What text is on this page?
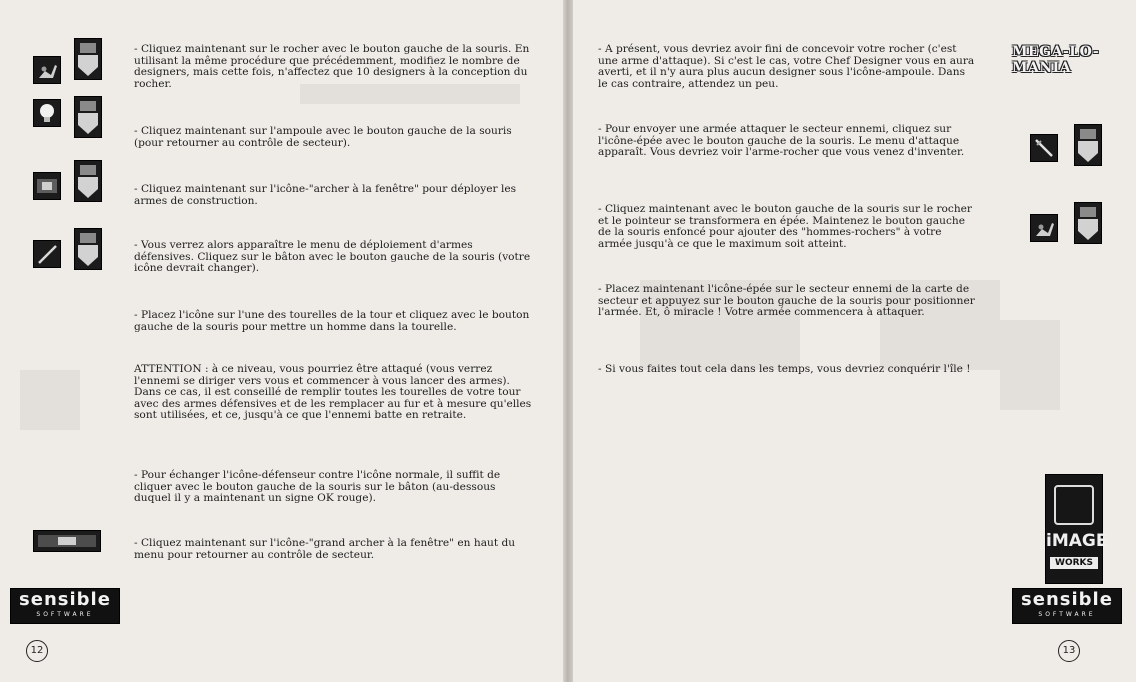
- Cliquez maintenant sur le rocher avec le bouton gauche de la souris. En utilisant la même procédure que précédemment, modifiez le nombre de designers, mais cette fois, n'affectez que 10 designers à la conception du rocher.

- Cliquez maintenant sur l'ampoule avec le bouton gauche de la souris (pour retourner au contrôle de secteur).

- Cliquez maintenant sur l'icône-"archer à la fenêtre" pour déployer les armes de construction.

- Vous verrez alors apparaître le menu de déploiement d'armes défensives. Cliquez sur le bâton avec le bouton gauche de la souris (votre icône devrait changer).

- Placez l'icône sur l'une des tourelles de la tour et cliquez avec le bouton gauche de la souris pour mettre un homme dans la tourelle.

ATTENTION : à ce niveau, vous pourriez être attaqué (vous verrez l'ennemi se diriger vers vous et commencer à vous lancer des armes). Dans ce cas, il est conseillé de remplir toutes les tourelles de votre tour avec des armes défensives et de les remplacer au fur et à mesure qu'elles sont utilisées, et ce, jusqu'à ce que l'ennemi batte en retraite.

- Pour échanger l'icône-défenseur contre l'icône normale, il suffit de cliquer avec le bouton gauche de la souris sur le bâton (au-dessous duquel il y a maintenant un signe OK rouge).

- Cliquez maintenant sur l'icône-"grand archer à la fenêtre" en haut du menu pour retourner au contrôle de secteur.

sensible
SOFTWARE
12

- A présent, vous devriez avoir fini de concevoir votre rocher (c'est une arme d'attaque). Si c'est le cas, votre Chef Designer vous en aura averti, et il n'y aura plus aucun designer sous l'icône-ampoule. Dans le cas contraire, attendez un peu.

- Pour envoyer une armée attaquer le secteur ennemi, cliquez sur l'icône-épée avec le bouton gauche de la souris. Le menu d'attaque apparaît. Vous devriez voir l'arme-rocher que vous venez d'inventer.

- Cliquez maintenant avec le bouton gauche de la souris sur le rocher et le pointeur se transformera en épée. Maintenez le bouton gauche de la souris enfoncé pour ajouter des "hommes-rochers" à votre armée jusqu'à ce que le maximum soit atteint.

- Placez maintenant l'icône-épée sur le secteur ennemi de la carte de secteur et appuyez sur le bouton gauche de la souris pour positionner l'armée. Et, ô miracle ! Votre armée commencera à attaquer.

- Si vous faites tout cela dans les temps, vous devriez conquérir l'île !

MEGA-LO-MANIA
iMAGE
WORKS
sensible
SOFTWARE
13
